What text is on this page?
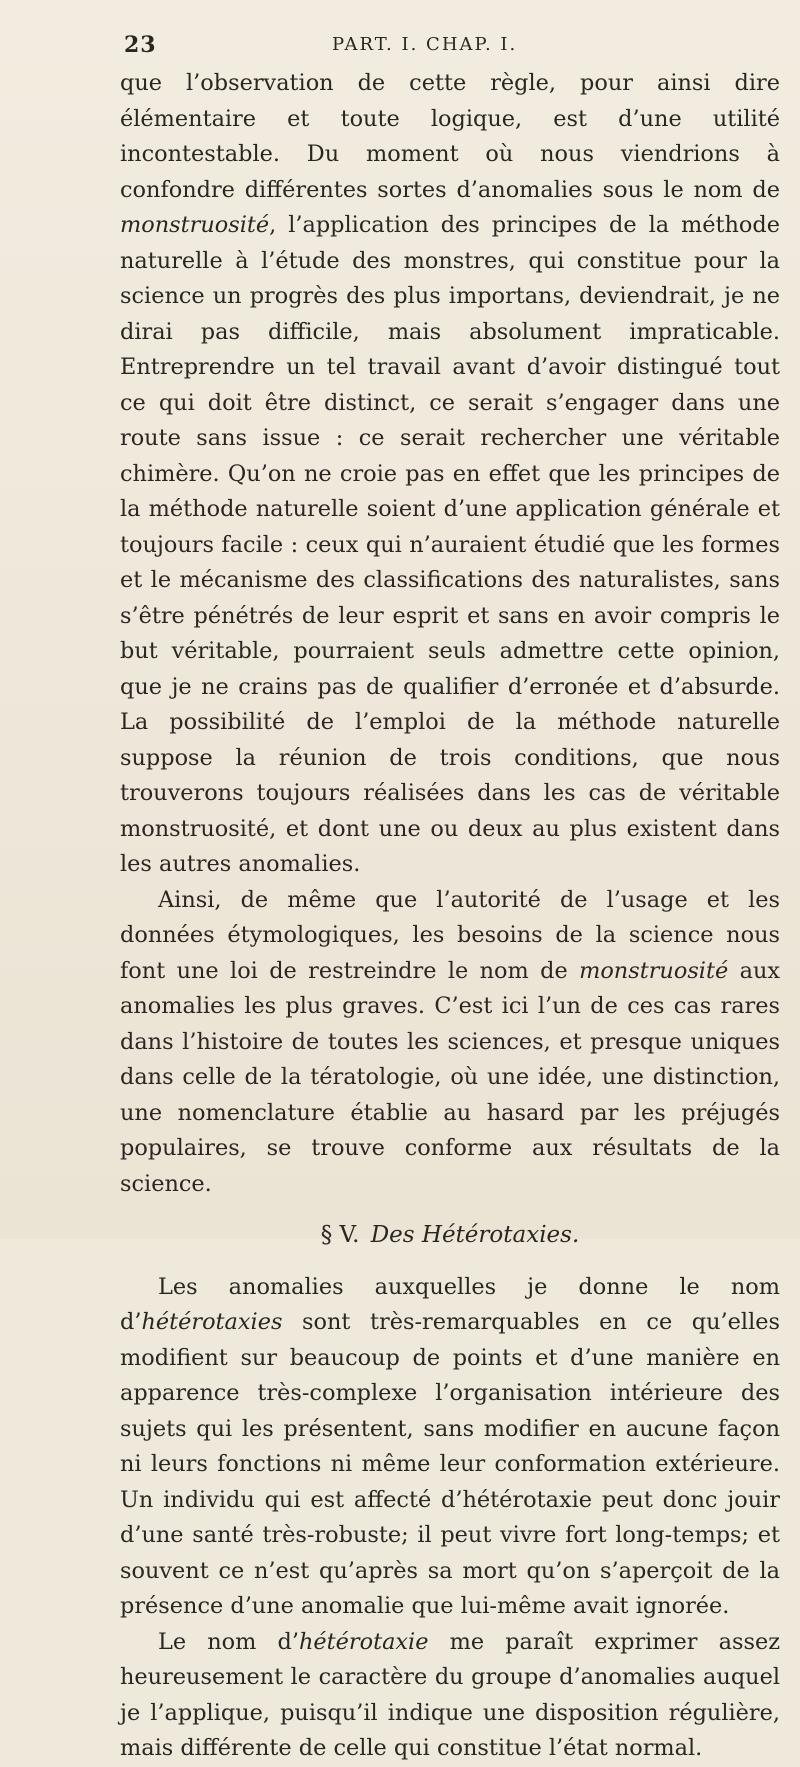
23	PART. I. CHAP. I.

que l’observation de cette règle, pour ainsi dire élémentaire et toute logique, est d’une utilité incontestable. Du moment où nous viendrions à confondre différentes sortes d’anomalies sous le nom de monstruosité, l’application des principes de la méthode naturelle à l’étude des monstres, qui constitue pour la science un progrès des plus importans, deviendrait, je ne dirai pas difficile, mais absolument impraticable. Entreprendre un tel travail avant d’avoir distingué tout ce qui doit être distinct, ce serait s’engager dans une route sans issue : ce serait rechercher une véritable chimère. Qu’on ne croie pas en effet que les principes de la méthode naturelle soient d’une application générale et toujours facile : ceux qui n’auraient étudié que les formes et le mécanisme des classifications des naturalistes, sans s’être pénétrés de leur esprit et sans en avoir compris le but véritable, pourraient seuls admettre cette opinion, que je ne crains pas de qualifier d’erronée et d’absurde. La possibilité de l’emploi de la méthode naturelle suppose la réunion de trois conditions, que nous trouverons toujours réalisées dans les cas de véritable monstruosité, et dont une ou deux au plus existent dans les autres anomalies.

Ainsi, de même que l’autorité de l’usage et les données étymologiques, les besoins de la science nous font une loi de restreindre le nom de monstruosité aux anomalies les plus graves. C’est ici l’un de ces cas rares dans l’histoire de toutes les sciences, et presque uniques dans celle de la tératologie, où une idée, une distinction, une nomenclature établie au hasard par les préjugés populaires, se trouve conforme aux résultats de la science.

§ V. Des Hétérotaxies.

Les anomalies auxquelles je donne le nom d’hétérotaxies sont très-remarquables en ce qu’elles modifient sur beaucoup de points et d’une manière en apparence très-complexe l’organisation intérieure des sujets qui les présentent, sans modifier en aucune façon ni leurs fonctions ni même leur conformation extérieure. Un individu qui est affecté d’hétérotaxie peut donc jouir d’une santé très-robuste; il peut vivre fort long-temps; et souvent ce n’est qu’après sa mort qu’on s’aperçoit de la présence d’une anomalie que lui-même avait ignorée.

Le nom d’hétérotaxie me paraît exprimer assez heureusement le caractère du groupe d’anomalies auquel je l’applique, puisqu’il indique une disposition régulière, mais différente de celle qui constitue l’état normal.
